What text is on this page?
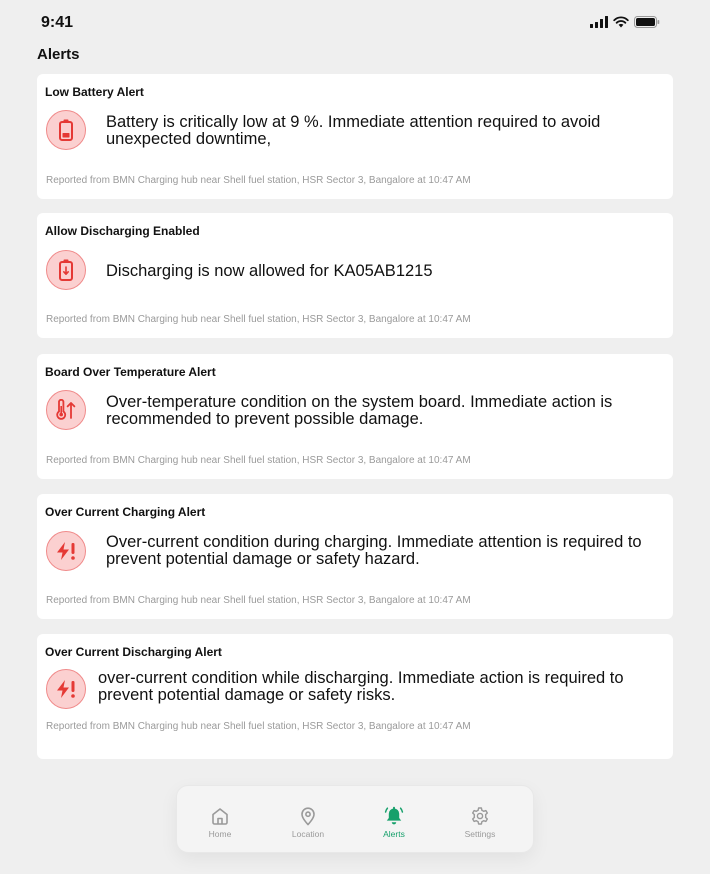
9:41
Alerts
Low Battery Alert
Battery is critically low at 9 %. Immediate attention required to avoid unexpected downtime,
Reported from BMN Charging hub near Shell fuel station, HSR Sector 3, Bangalore at 10:47 AM
Allow Discharging Enabled
Discharging is now allowed for KA05AB1215
Reported from BMN Charging hub near Shell fuel station, HSR Sector 3, Bangalore at 10:47 AM
Board Over Temperature Alert
Over-temperature condition on the system board. Immediate action is recommended to prevent possible damage.
Reported from BMN Charging hub near Shell fuel station, HSR Sector 3, Bangalore at 10:47 AM
Over Current Charging Alert
Over-current condition during charging. Immediate attention is required to prevent potential damage or safety hazard.
Reported from BMN Charging hub near Shell fuel station, HSR Sector 3, Bangalore at 10:47 AM
Over Current Discharging Alert
over-current condition while discharging. Immediate action is required to prevent potential damage or safety risks.
Reported from BMN Charging hub near Shell fuel station, HSR Sector 3, Bangalore at 10:47 AM
Home	Location	Alerts	Settings
